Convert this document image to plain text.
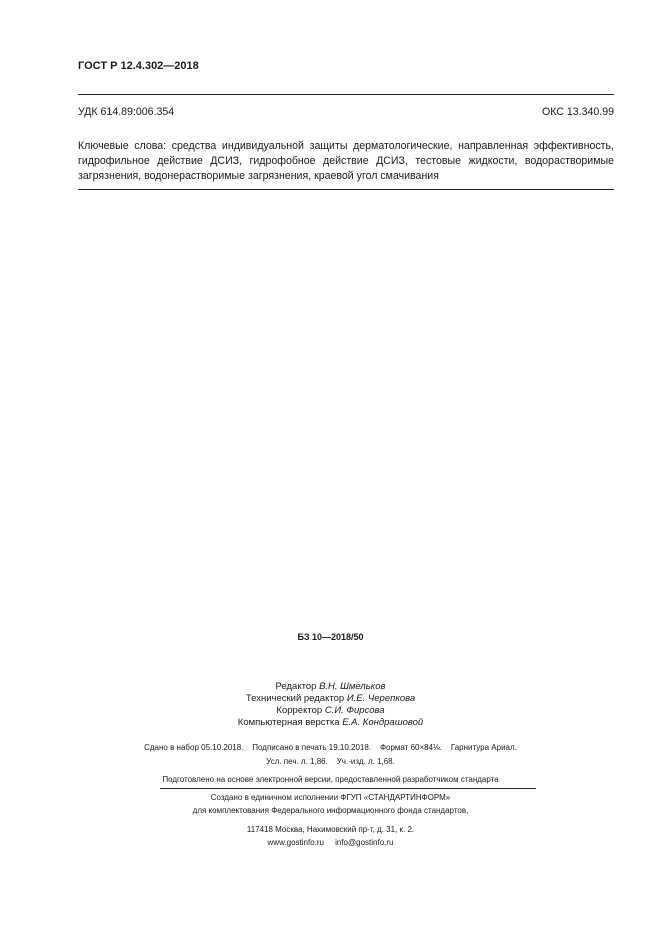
ГОСТ Р 12.4.302—2018
УДК 614.89:006.354	ОКС 13.340.99
Ключевые слова: средства индивидуальной защиты дерматологические, направленная эффективность, гидрофильное действие ДСИЗ, гидрофобное действие ДСИЗ, тестовые жидкости, водорастворимые загрязнения, водонерастворимые загрязнения, краевой угол смачивания
БЗ 10—2018/50
Редактор В.Н. Шмельков
Технический редактор И.Е. Черепкова
Корректор С.И. Фирсова
Компьютерная верстка Е.А. Кондрашовой
Сдано в набор 05.10.2018.    Подписано в печать 19.10.2018.    Формат 60×84⅛.    Гарнитура Ариал.
Усл. печ. л. 1,86.    Уч.-изд. л. 1,68.
Подготовлено на основе электронной версии, предоставленной разработчиком стандарта
Создано в единичном исполнении ФГУП «СТАНДАРТИНФОРМ»
для комплектования Федерального информационного фонда стандартов,
117418 Москва, Нахимовский пр-т, д. 31, к. 2.
www.gostinfo.ru info@gostinfo.ru
